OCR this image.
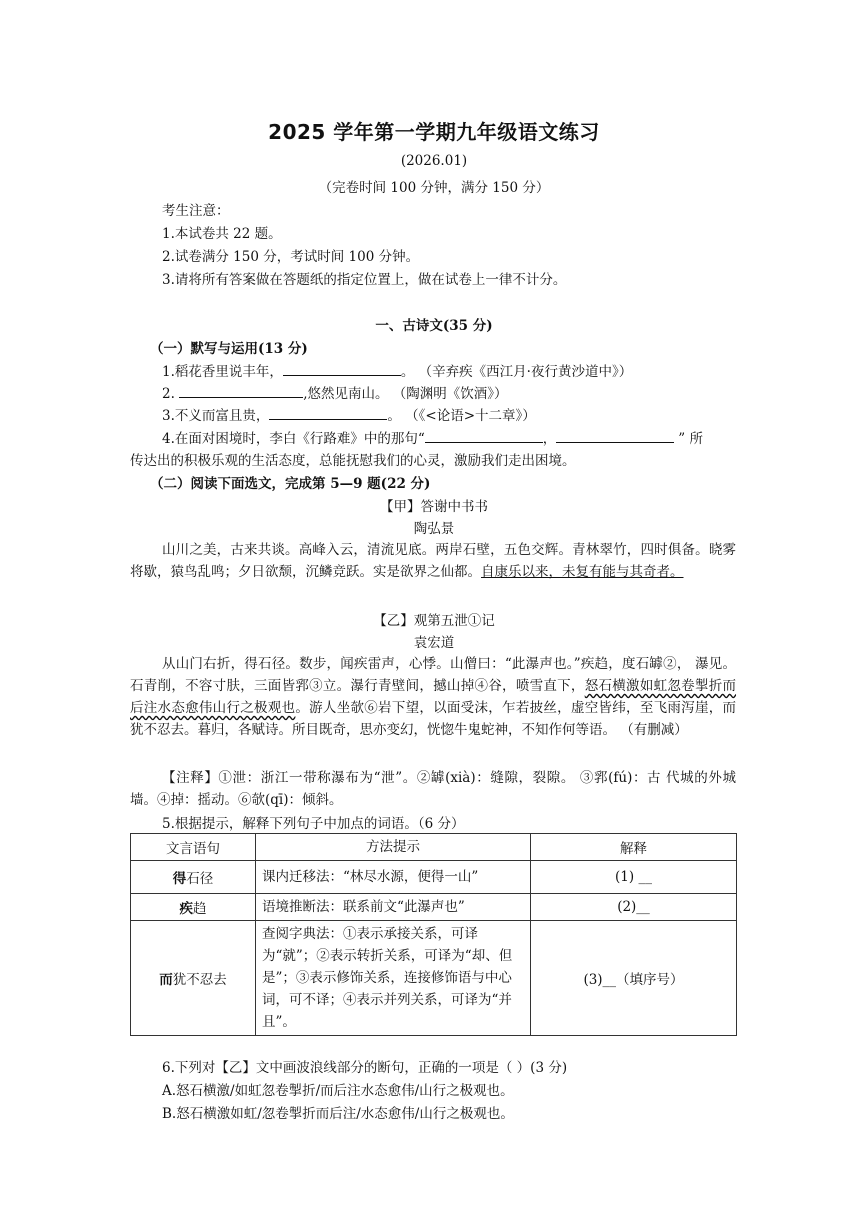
2025 学年第一学期九年级语文练习
(2026.01)
（完卷时间 100 分钟，满分 150 分）
考生注意：
1.本试卷共 22 题。
2.试卷满分 150 分，考试时间 100 分钟。
3.请将所有答案做在答题纸的指定位置上，做在试卷上一律不计分。
一、古诗文(35 分)
（一）默写与运用(13 分)
1.稻花香里说丰年，	。 （辛弃疾《西江月·夜行黄沙道中》）
2.	,悠然见南山。 （陶渊明《饮酒》）
3.不义而富且贵，	。 （《<论语>十二章》）
4.在面对困境时，李白《行路难》中的那句“	，	” 所
传达出的积极乐观的生活态度，总能抚慰我们的心灵，激励我们走出困境。
（二）阅读下面选文，完成第 5—9 题(22 分)
【甲】答谢中书书
陶弘景
山川之美，古来共谈。高峰入云，清流见底。两岸石壁，五色交辉。青林翠竹，四时俱备。晓雾将歇，猿鸟乱鸣；夕日欲颓，沉鳞竞跃。实是欲界之仙都。自康乐以来，未复有能与其奇者。
【乙】观第五泄①记
袁宏道
从山门右折，得石径。数步，闻疾雷声，心悸。山僧曰：“此瀑声也。”疾趋，度石罅②， 瀑见。石青削，不容寸肤，三面皆郛③立。瀑行青壁间，撼山掉④谷，喷雪直下，怒石横激如虹忽卷掣折而后注水态愈伟山行之极观也。游人坐欹⑥岩下望，以面受沫，乍若披丝，虚空皆纬，至飞雨泻崖，而犹不忍去。暮归，各赋诗。所目既奇，思亦变幻，恍惚牛鬼蛇神，不知作何等语。 （有删减）
【注释】①泄：浙江一带称瀑布为“泄”。②罅(xià)：缝隙，裂隙。 ③郛(fú)：古 代城的外城墙。④掉：摇动。⑥欹(qī)：倾斜。
5.根据提示，解释下列句子中加点的词语。（6 分）
文言语句	方法提示	解释
得石径	课内迁移法：“林尽水源，便得一山”	(1) __
疾趋	语境推断法：联系前文“此瀑声也”	(2)__
而犹不忍去	查阅字典法：①表示承接关系，可译为“就”；②表示转折关系，可译为“却、但是”；③表示修饰关系，连接修饰语与中心词，可不译；④表示并列关系，可译为“并且”。	(3)__（填序号）
6.下列对【乙】文中画波浪线部分的断句，正确的一项是（ ）(3 分)
A.怒石横激/如虹忽卷掣折/而后注水态愈伟/山行之极观也。
B.怒石横激如虹/忽卷掣折而后注/水态愈伟/山行之极观也。
